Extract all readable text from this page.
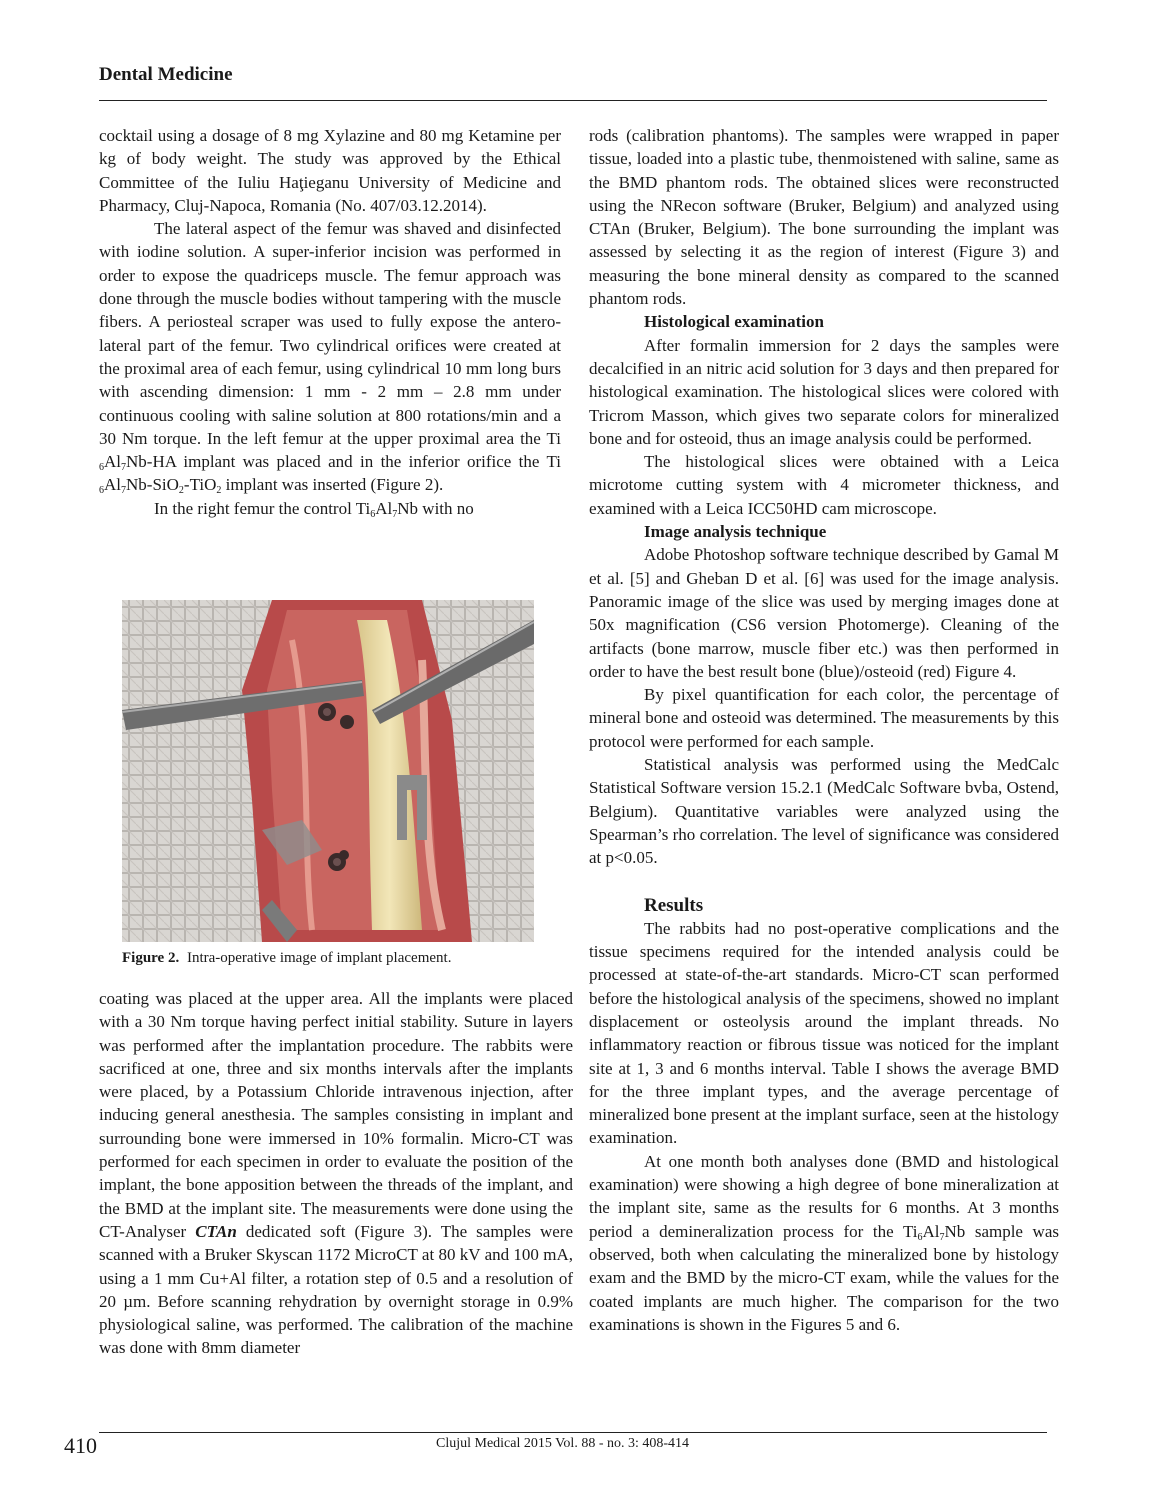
Dental Medicine

cocktail using a dosage of 8 mg Xylazine and 80 mg Ketamine per kg of body weight. The study was approved by the Ethical Committee of the Iuliu Haţieganu University of Medicine and Pharmacy, Cluj-Napoca, Romania (No. 407/03.12.2014).

The lateral aspect of the femur was shaved and disinfected with iodine solution. A super-inferior incision was performed in order to expose the quadriceps muscle. The femur approach was done through the muscle bodies without tampering with the muscle fibers. A periosteal scraper was used to fully expose the antero-lateral part of the femur. Two cylindrical orifices were created at the proximal area of each femur, using cylindrical 10 mm long burs with ascending dimension: 1 mm - 2 mm – 2.8 mm under continuous cooling with saline solution at 800 rotations/min and a 30 Nm torque. In the left femur at the upper proximal area the Ti $_6Al_7Nb-HA$ implant was placed and in the inferior orifice the Ti $_6Al_7Nb-SiO_2-TiO_2$ implant was inserted (Figure 2).

In the right femur the control $Ti_6Al_7Nb$ with no

Figure 2. Intra-operative image of implant placement.

coating was placed at the upper area. All the implants were placed with a 30 Nm torque having perfect initial stability. Suture in layers was performed after the implantation procedure. The rabbits were sacrificed at one, three and six months intervals after the implants were placed, by a Potassium Chloride intravenous injection, after inducing general anesthesia. The samples consisting in implant and surrounding bone were immersed in 10% formalin. Micro-CT was performed for each specimen in order to evaluate the position of the implant, the bone apposition between the threads of the implant, and the BMD at the implant site. The measurements were done using the CT-Analyser CTAn dedicated soft (Figure 3). The samples were scanned with a Bruker Skyscan 1172 MicroCT at 80 kV and 100 mA, using a 1 mm Cu+Al filter, a rotation step of 0.5 and a resolution of 20 µm. Before scanning rehydration by overnight storage in 0.9% physiological saline, was performed. The calibration of the machine was done with 8mm diameter

rods (calibration phantoms). The samples were wrapped in paper tissue, loaded into a plastic tube, thenmoistened with saline, same as the BMD phantom rods. The obtained slices were reconstructed using the NRecon software (Bruker, Belgium) and analyzed using CTAn (Bruker, Belgium). The bone surrounding the implant was assessed by selecting it as the region of interest (Figure 3) and measuring the bone mineral density as compared to the scanned phantom rods.

Histological examination

After formalin immersion for 2 days the samples were decalcified in an nitric acid solution for 3 days and then prepared for histological examination. The histological slices were colored with Tricrom Masson, which gives two separate colors for mineralized bone and for osteoid, thus an image analysis could be performed.

The histological slices were obtained with a Leica microtome cutting system with 4 micrometer thickness, and examined with a Leica ICC50HD cam microscope.

Image analysis technique

Adobe Photoshop software technique described by Gamal M et al. [5] and Gheban D et al. [6] was used for the image analysis. Panoramic image of the slice was used by merging images done at 50x magnification (CS6 version Photomerge). Cleaning of the artifacts (bone marrow, muscle fiber etc.) was then performed in order to have the best result bone (blue)/osteoid (red) Figure 4.

By pixel quantification for each color, the percentage of mineral bone and osteoid was determined. The measurements by this protocol were performed for each sample.

Statistical analysis was performed using the MedCalc Statistical Software version 15.2.1 (MedCalc Software bvba, Ostend, Belgium). Quantitative variables were analyzed using the Spearman’s rho correlation. The level of significance was considered at p<0.05.

Results

The rabbits had no post-operative complications and the tissue specimens required for the intended analysis could be processed at state-of-the-art standards. Micro-CT scan performed before the histological analysis of the specimens, showed no implant displacement or osteolysis around the implant threads. No inflammatory reaction or fibrous tissue was noticed for the implant site at 1, 3 and 6 months interval. Table I shows the average BMD for the three implant types, and the average percentage of mineralized bone present at the implant surface, seen at the histology examination.

At one month both analyses done (BMD and histological examination) were showing a high degree of bone mineralization at the implant site, same as the results for 6 months. At 3 months period a demineralization process for the $Ti_6Al_7Nb$ sample was observed, both when calculating the mineralized bone by histology exam and the BMD by the micro-CT exam, while the values for the coated implants are much higher. The comparison for the two examinations is shown in the Figures 5 and 6.

410	Clujul Medical 2015 Vol. 88 - no. 3: 408-414
